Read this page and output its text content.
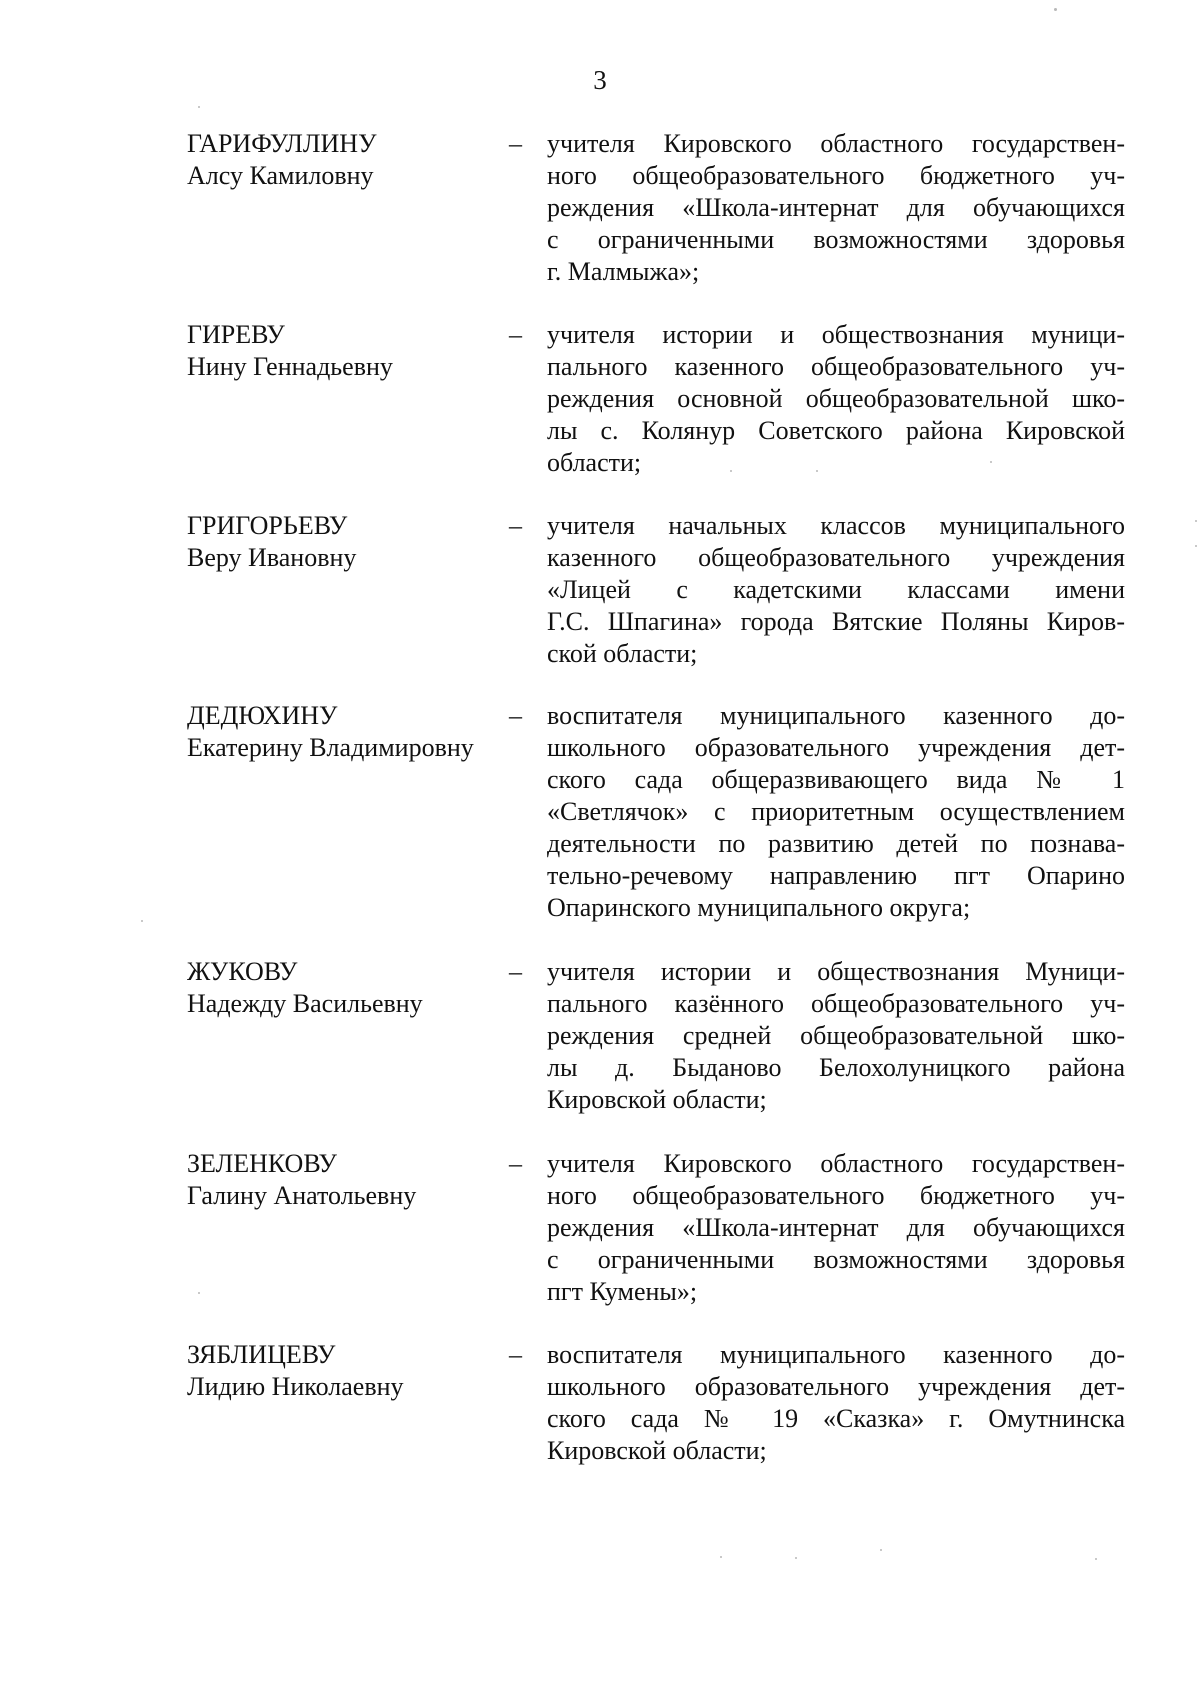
3
ГАРИФУЛЛИНУ
Алсу Камиловну
– учителя Кировского областного государствен-
ного общеобразовательного бюджетного уч-
реждения «Школа-интернат для обучающихся
с ограниченными возможностями здоровья
г. Малмыжа»;
ГИРЕВУ
Нину Геннадьевну
– учителя истории и обществознания муници-
пального казенного общеобразовательного уч-
реждения основной общеобразовательной шко-
лы с. Колянур Советского района Кировской
области;
ГРИГОРЬЕВУ
Веру Ивановну
– учителя начальных классов муниципального
казенного общеобразовательного учреждения
«Лицей с кадетскими классами имени
Г.С. Шпагина» города Вятские Поляны Киров-
ской области;
ДЕДЮХИНУ
Екатерину Владимировну
– воспитателя муниципального казенного до-
школьного образовательного учреждения дет-
ского сада общеразвивающего вида № 1
«Светлячок» с приоритетным осуществлением
деятельности по развитию детей по познава-
тельно-речевому направлению пгт Опарино
Опаринского муниципального округа;
ЖУКОВУ
Надежду Васильевну
– учителя истории и обществознания Муници-
пального казённого общеобразовательного уч-
реждения средней общеобразовательной шко-
лы д. Быданово Белохолуницкого района
Кировской области;
ЗЕЛЕНКОВУ
Галину Анатольевну
– учителя Кировского областного государствен-
ного общеобразовательного бюджетного уч-
реждения «Школа-интернат для обучающихся
с ограниченными возможностями здоровья
пгт Кумены»;
ЗЯБЛИЦЕВУ
Лидию Николаевну
– воспитателя муниципального казенного до-
школьного образовательного учреждения дет-
ского сада № 19 «Сказка» г. Омутнинска
Кировской области;
